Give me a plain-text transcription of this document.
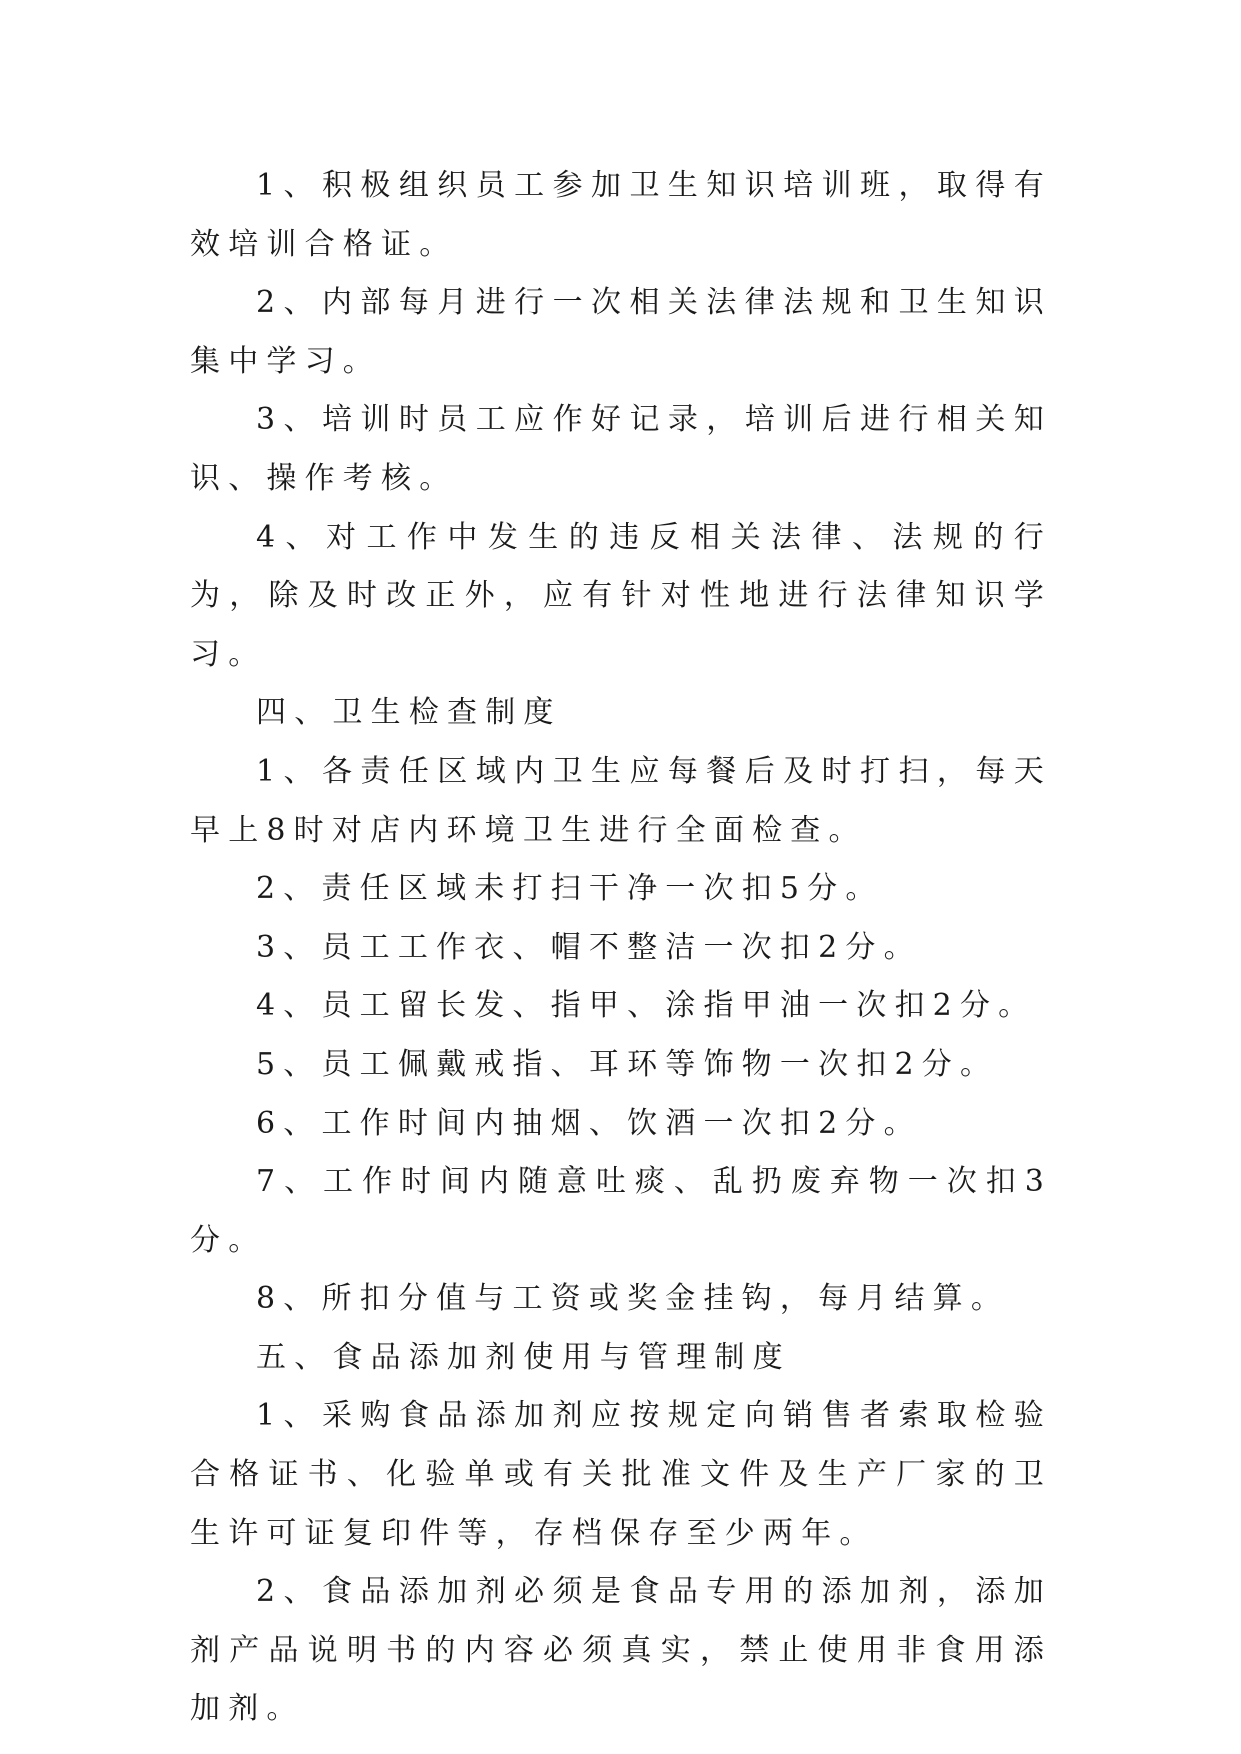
1、积极组织员工参加卫生知识培训班，取得有效培训合格证。

2、内部每月进行一次相关法律法规和卫生知识集中学习。

3、培训时员工应作好记录，培训后进行相关知识、操作考核。

4、对工作中发生的违反相关法律、法规的行为，除及时改正外，应有针对性地进行法律知识学习。

四、卫生检查制度

1、各责任区域内卫生应每餐后及时打扫，每天早上8时对店内环境卫生进行全面检查。

2、责任区域未打扫干净一次扣5分。

3、员工工作衣、帽不整洁一次扣2分。

4、员工留长发、指甲、涂指甲油一次扣2分。

5、员工佩戴戒指、耳环等饰物一次扣2分。

6、工作时间内抽烟、饮酒一次扣2分。

7、工作时间内随意吐痰、乱扔废弃物一次扣3分。

8、所扣分值与工资或奖金挂钩，每月结算。

五、食品添加剂使用与管理制度

1、采购食品添加剂应按规定向销售者索取检验合格证书、化验单或有关批准文件及生产厂家的卫生许可证复印件等，存档保存至少两年。

2、食品添加剂必须是食品专用的添加剂，添加剂产品说明书的内容必须真实，禁止使用非食用添加剂。
